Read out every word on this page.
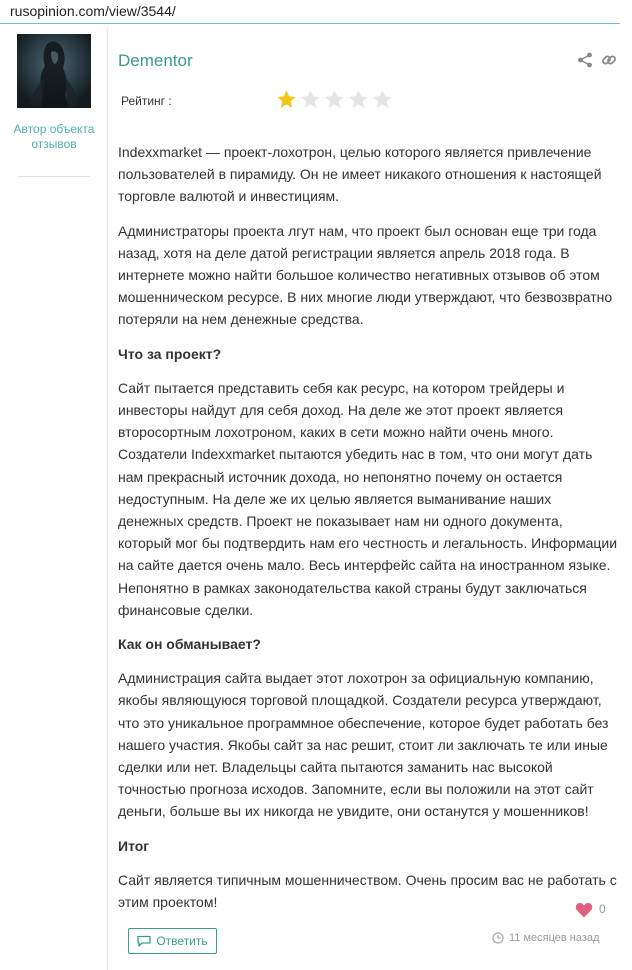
rusopinion.com/view/3544/
Автор объекта отзывов
Dementor
Рейтинг :

Indexxmarket — проект-лохотрон, целью которого является привлечение пользователей в пирамиду. Он не имеет никакого отношения к настоящей торговле валютой и инвестициям.

Администраторы проекта лгут нам, что проект был основан еще три года назад, хотя на деле датой регистрации является апрель 2018 года. В интернете можно найти большое количество негативных отзывов об этом мошенническом ресурсе. В них многие люди утверждают, что безвозвратно потеряли на нем денежные средства.

Что за проект?

Сайт пытается представить себя как ресурс, на котором трейдеры и инвесторы найдут для себя доход. На деле же этот проект является второсортным лохотроном, каких в сети можно найти очень много. Создатели Indexxmarket пытаются убедить нас в том, что они могут дать нам прекрасный источник дохода, но непонятно почему он остается недоступным. На деле же их целью является выманивание наших денежных средств. Проект не показывает нам ни одного документа, который мог бы подтвердить нам его честность и легальность. Информации на сайте дается очень мало. Весь интерфейс сайта на иностранном языке. Непонятно в рамках законодательства какой страны будут заключаться финансовые сделки.

Как он обманывает?

Администрация сайта выдает этот лохотрон за официальную компанию, якобы являющуюся торговой площадкой. Создатели ресурса утверждают, что это уникальное программное обеспечение, которое будет работать без нашего участия. Якобы сайт за нас решит, стоит ли заключать те или иные сделки или нет. Владельцы сайта пытаются заманить нас высокой точностью прогноза исходов. Запомните, если вы положили на этот сайт деньги, больше вы их никогда не увидите, они останутся у мошенников!

Итог

Сайт является типичным мошенничеством. Очень просим вас не работать с этим проектом!	0
Ответить	11 месяцев назад
